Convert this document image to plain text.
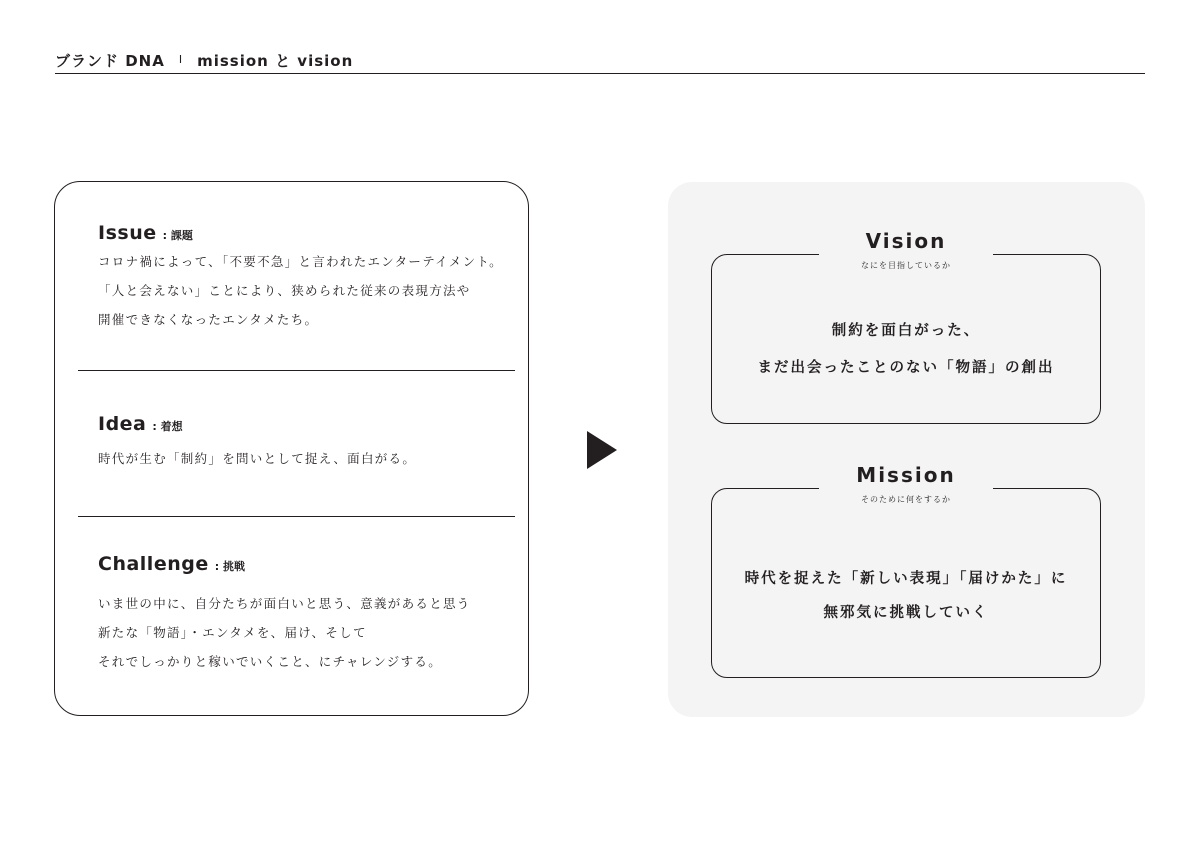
ブランド DNA I mission と vision
Issue : 課題
コロナ禍によって、「不要不急」と言われたエンターテイメント。
「人と会えない」ことにより、狭められた従来の表現方法や
開催できなくなったエンタメたち。
Idea : 着想
時代が生む「制約」を問いとして捉え、面白がる。
Challenge : 挑戦
いま世の中に、自分たちが面白いと思う、意義があると思う
新たな「物語」・エンタメを、届け、そして
それでしっかりと稼いでいくこと、にチャレンジする。
Vision
なにを目指しているか
制約を面白がった、
まだ出会ったことのない「物語」の創出
Mission
そのために何をするか
時代を捉えた「新しい表現」「届けかた」に
無邪気に挑戦していく
